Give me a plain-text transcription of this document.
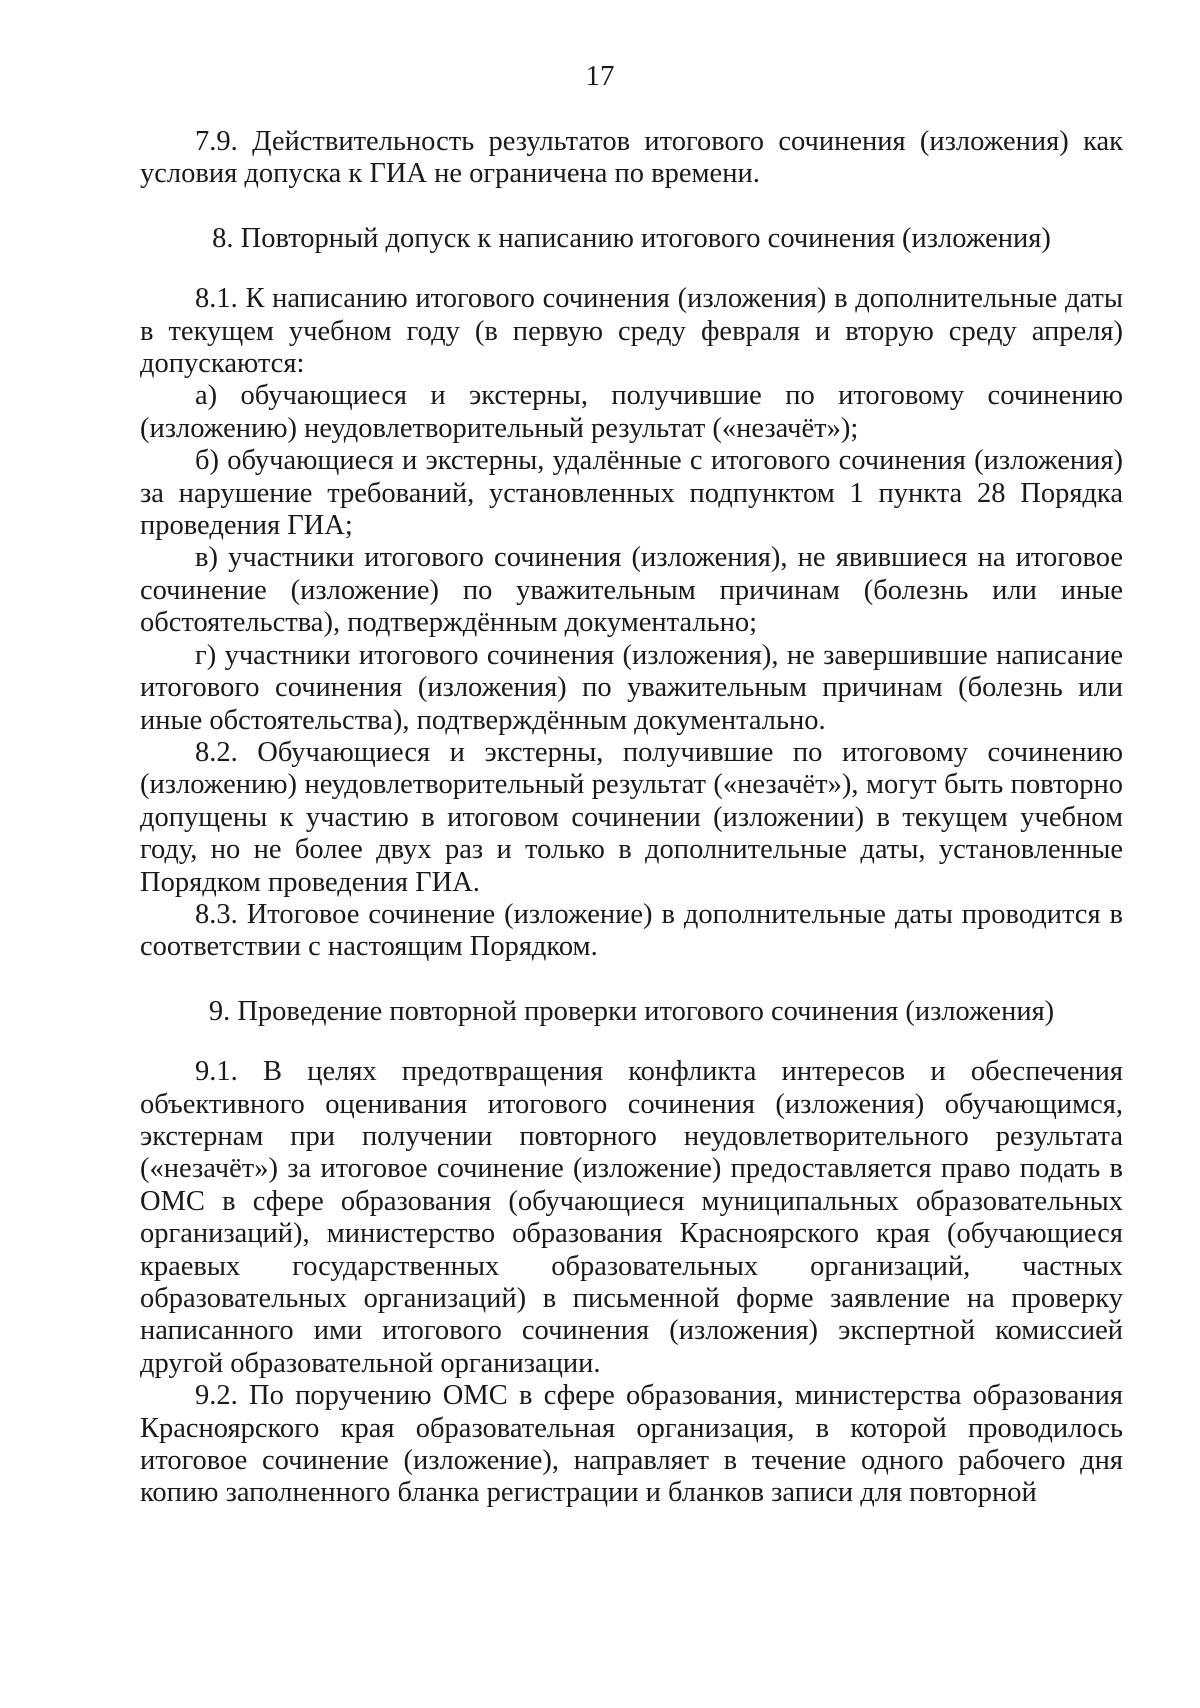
17

7.9. Действительность результатов итогового сочинения (изложения) как условия допуска к ГИА не ограничена по времени.

8. Повторный допуск к написанию итогового сочинения (изложения)

8.1. К написанию итогового сочинения (изложения) в дополнительные даты в текущем учебном году (в первую среду февраля и вторую среду апреля) допускаются:

а) обучающиеся и экстерны, получившие по итоговому сочинению (изложению) неудовлетворительный результат («незачёт»);

б) обучающиеся и экстерны, удалённые с итогового сочинения (изложения) за нарушение требований, установленных подпунктом 1 пункта 28 Порядка проведения ГИА;

в) участники итогового сочинения (изложения), не явившиеся на итоговое сочинение (изложение) по уважительным причинам (болезнь или иные обстоятельства), подтверждённым документально;

г) участники итогового сочинения (изложения), не завершившие написание итогового сочинения (изложения) по уважительным причинам (болезнь или иные обстоятельства), подтверждённым документально.

8.2. Обучающиеся и экстерны, получившие по итоговому сочинению (изложению) неудовлетворительный результат («незачёт»), могут быть повторно допущены к участию в итоговом сочинении (изложении) в текущем учебном году, но не более двух раз и только в дополнительные даты, установленные Порядком проведения ГИА.

8.3. Итоговое сочинение (изложение) в дополнительные даты проводится в соответствии с настоящим Порядком.

9. Проведение повторной проверки итогового сочинения (изложения)

9.1. В целях предотвращения конфликта интересов и обеспечения объективного оценивания итогового сочинения (изложения) обучающимся, экстернам при получении повторного неудовлетворительного результата («незачёт») за итоговое сочинение (изложение) предоставляется право подать в ОМС в сфере образования (обучающиеся муниципальных образовательных организаций), министерство образования Красноярского края (обучающиеся краевых государственных образовательных организаций, частных образовательных организаций) в письменной форме заявление на проверку написанного ими итогового сочинения (изложения) экспертной комиссией другой образовательной организации.

9.2. По поручению ОМС в сфере образования, министерства образования Красноярского края образовательная организация, в которой проводилось итоговое сочинение (изложение), направляет в течение одного рабочего дня копию заполненного бланка регистрации и бланков записи для повторной
